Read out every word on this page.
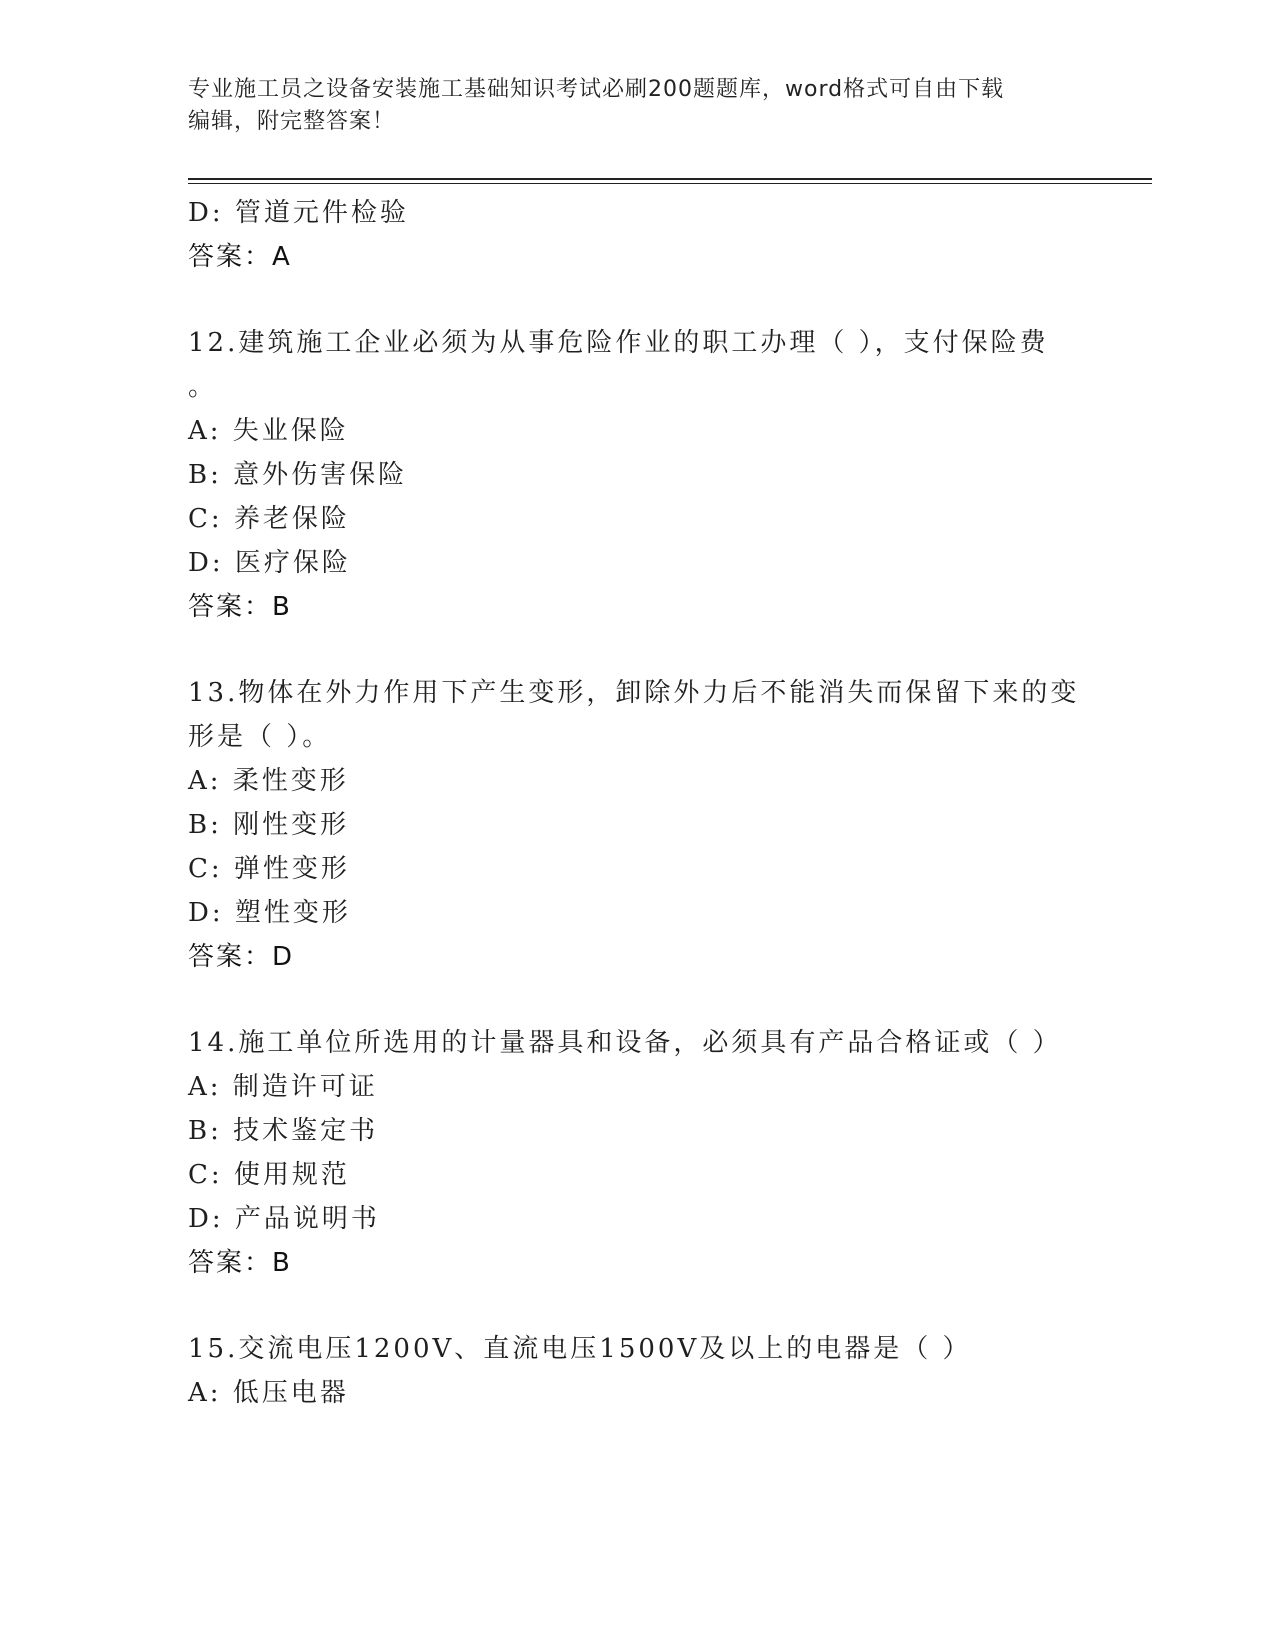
专业施工员之设备安装施工基础知识考试必刷200题题库，word格式可自由下载
编辑，附完整答案！
D: 管道元件检验
答案：A
12.建筑施工企业必须为从事危险作业的职工办理（ ），支付保险费
。
A: 失业保险
B: 意外伤害保险
C: 养老保险
D: 医疗保险
答案：B
13.物体在外力作用下产生变形，卸除外力后不能消失而保留下来的变
形是（ ）。
A: 柔性变形
B: 刚性变形
C: 弹性变形
D: 塑性变形
答案：D
14.施工单位所选用的计量器具和设备，必须具有产品合格证或（ ）
A: 制造许可证
B: 技术鉴定书
C: 使用规范
D: 产品说明书
答案：B
15.交流电压1200V、直流电压1500V及以上的电器是（ ）
A: 低压电器
